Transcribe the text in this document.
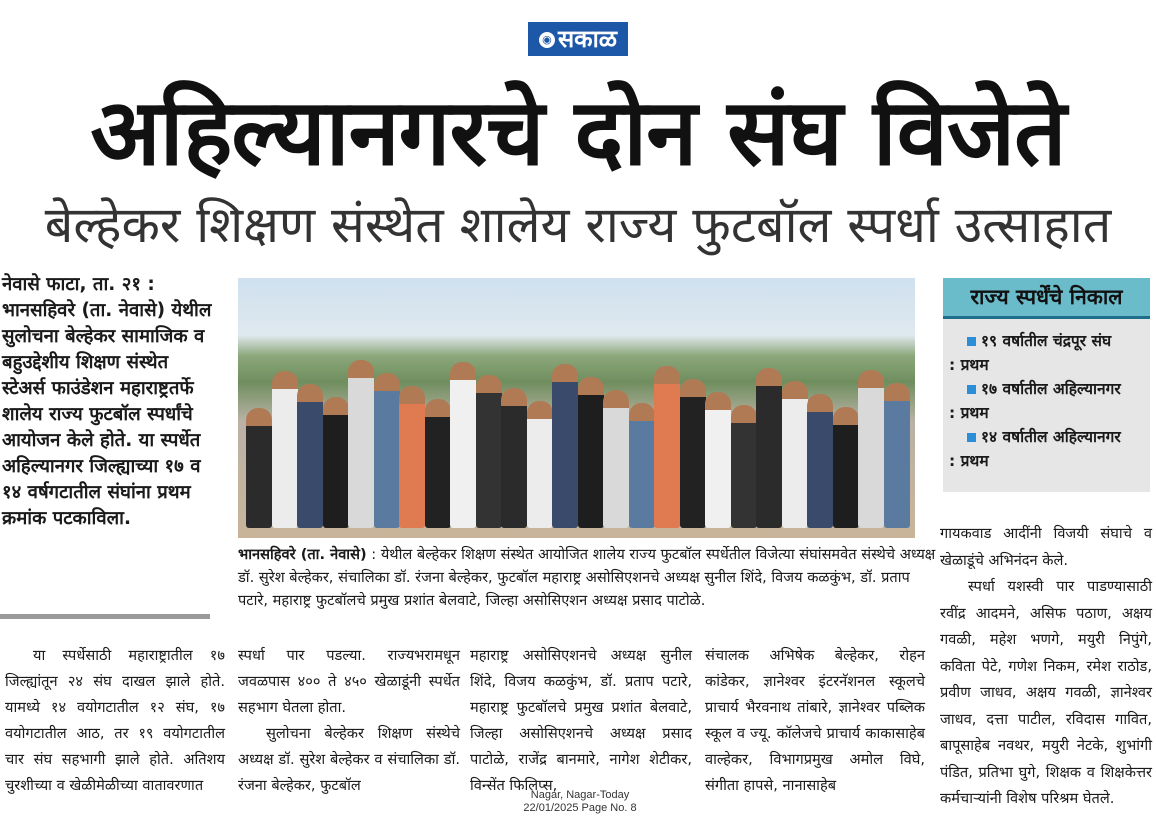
◉ सकाळ
अहिल्यानगरचे दोन संघ विजेते
बेल्हेकर शिक्षण संस्थेत शालेय राज्य फुटबॉल स्पर्धा उत्साहात
नेवासे फाटा, ता. २१ : भानसहिवरे (ता. नेवासे) येथील सुलोचना बेल्हेकर सामाजिक व बहुउद्देशीय शिक्षण संस्थेत स्टेअर्स फाउंडेशन महाराष्ट्रतर्फे शालेय राज्य फुटबॉल स्पर्धांचे आयोजन केले होते. या स्पर्धेत अहिल्यानगर जिल्ह्याच्या १७ व १४ वर्षगटातील संघांना प्रथम क्रमांक पटकाविला.
राज्य स्पर्धेंचे निकाल
१९ वर्षातील चंद्रपूर संघ
: प्रथम
१७ वर्षातील अहिल्यानगर
: प्रथम
१४ वर्षातील अहिल्यानगर
: प्रथम
भानसहिवरे (ता. नेवासे) : येथील बेल्हेकर शिक्षण संस्थेत आयोजित शालेय राज्य फुटबॉल स्पर्धेतील विजेत्या संघांसमवेत संस्थेचे अध्यक्ष डॉ. सुरेश बेल्हेकर, संचालिका डॉ. रंजना बेल्हेकर, फुटबॉल महाराष्ट्र असोसिएशनचे अध्यक्ष सुनील शिंदे, विजय कळकुंभ, डॉ. प्रताप पटारे, महाराष्ट्र फुटबॉलचे प्रमुख प्रशांत बेलवाटे, जिल्हा असोसिएशन अध्यक्ष प्रसाद पाटोळे.

या स्पर्धेसाठी महाराष्ट्रातील १७ जिल्ह्यांतून २४ संघ दाखल झाले होते. यामध्ये १४ वयोगटातील १२ संघ, १७ वयोगटातील आठ, तर १९ वयोगटातील चार संघ सहभागी झाले होते. अतिशय चुरशीच्या व खेळीमेळीच्या वातावरणात

स्पर्धा पार पडल्या. राज्यभरामधून जवळपास ४०० ते ४५० खेळाडूंनी स्पर्धेत सहभाग घेतला होता.

सुलोचना बेल्हेकर शिक्षण संस्थेचे अध्यक्ष डॉ. सुरेश बेल्हेकर व संचालिका डॉ. रंजना बेल्हेकर, फुटबॉल

महाराष्ट्र असोसिएशनचे अध्यक्ष सुनील शिंदे, विजय कळकुंभ, डॉ. प्रताप पटारे, महाराष्ट्र फुटबॉलचे प्रमुख प्रशांत बेलवाटे, जिल्हा असोसिएशनचे अध्यक्ष प्रसाद पाटोळे, राजेंद्र बानमारे, नागेश शेटीकर, विन्सेंत फिलिप्स,

संचालक अभिषेक बेल्हेकर, रोहन कांडेकर, ज्ञानेश्वर इंटरनॅशनल स्कूलचे प्राचार्य भैरवनाथ तांबारे, ज्ञानेश्वर पब्लिक स्कूल व ज्यू. कॉलेजचे प्राचार्य काकासाहेब वाल्हेकर, विभागप्रमुख अमोल विघे, संगीता हापसे, नानासाहेब

गायकवाड आदींनी विजयी संघाचे व खेळाडूंचे अभिनंदन केले.

स्पर्धा यशस्वी पार पाडण्यासाठी रवींद्र आदमने, असिफ पठाण, अक्षय गवळी, महेश भणगे, मयुरी निपुंगे, कविता पेटे, गणेश निकम, रमेश राठोड, प्रवीण जाधव, अक्षय गवळी, ज्ञानेश्वर जाधव, दत्ता पाटील, रविदास गावित, बापूसाहेब नवथर, मयुरी नेटके, शुभांगी पंडित, प्रतिभा घुगे, शिक्षक व शिक्षकेत्तर कर्मचाऱ्यांनी विशेष परिश्रम घेतले.

Nagar, Nagar-Today
22/01/2025 Page No. 8
